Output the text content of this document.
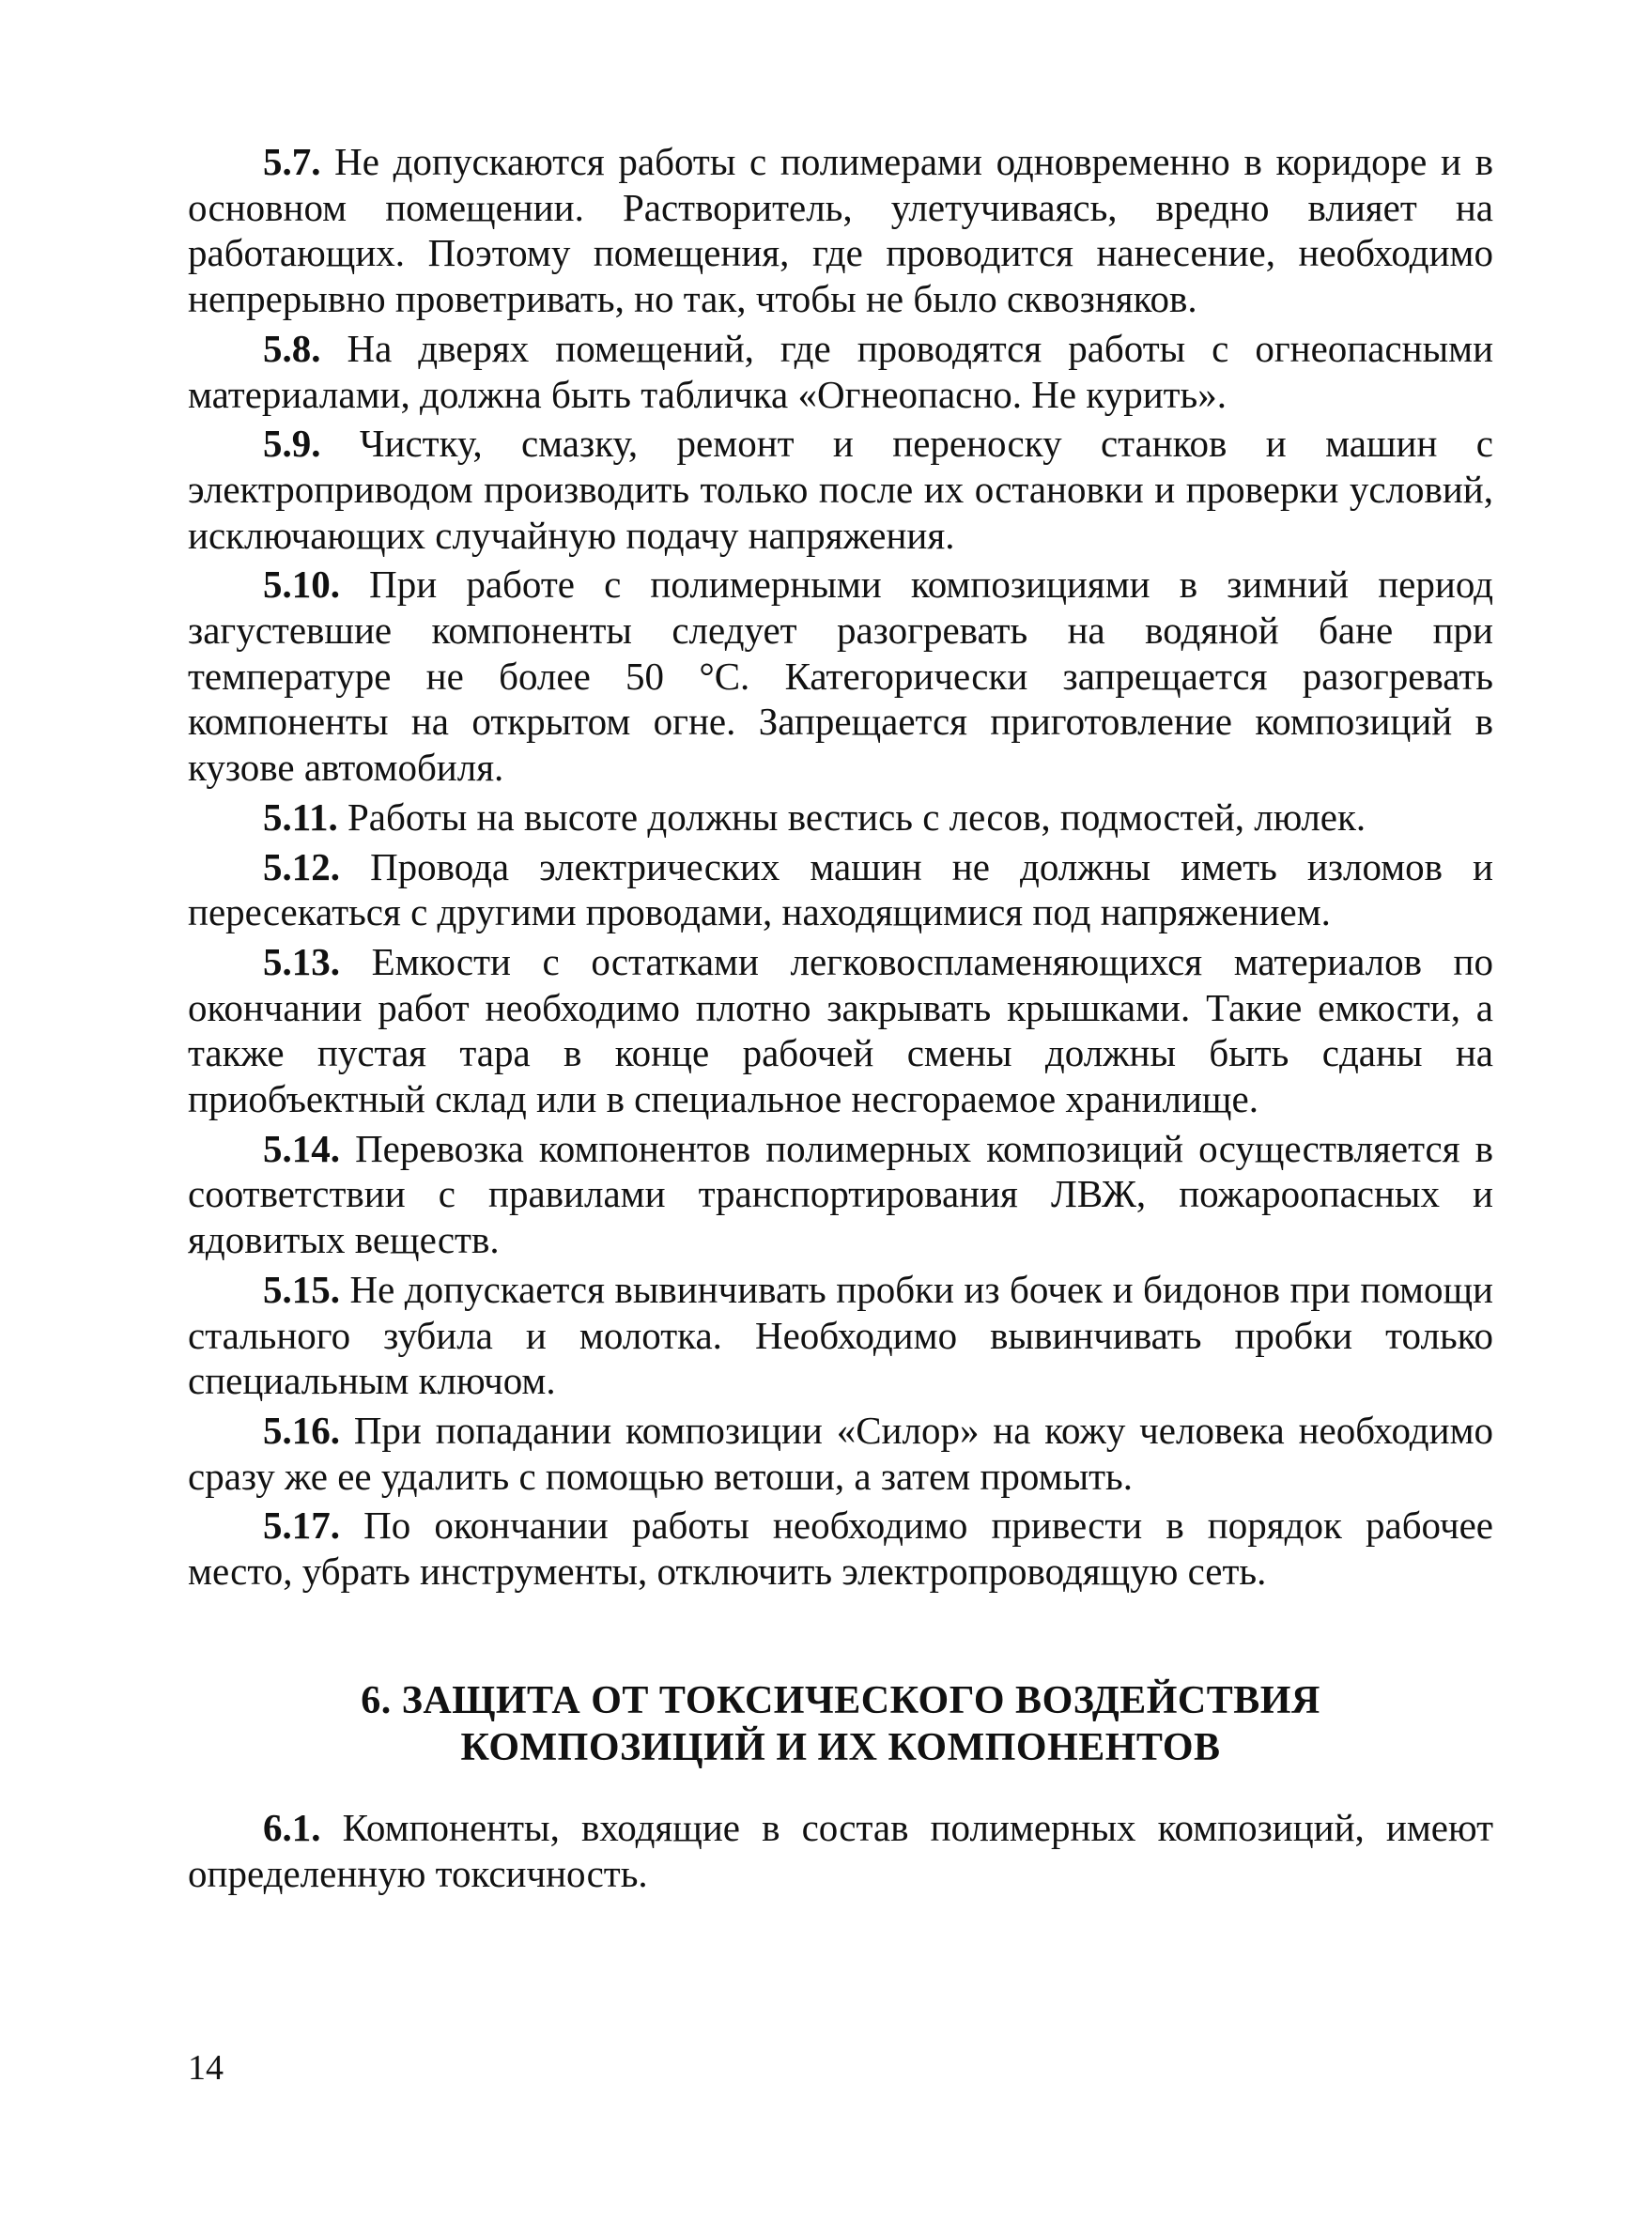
5.7. Не допускаются работы с полимерами одновременно в коридоре и в основном помещении. Растворитель, улетучиваясь, вредно влияет на работающих. Поэтому помещения, где проводится нанесение, необходимо непрерывно проветривать, но так, чтобы не было сквозняков.

5.8. На дверях помещений, где проводятся работы с огнеопасными материалами, должна быть табличка «Огнеопасно. Не курить».

5.9. Чистку, смазку, ремонт и переноску станков и машин с электроприводом производить только после их остановки и проверки условий, исключающих случайную подачу напряжения.

5.10. При работе с полимерными композициями в зимний период загустевшие компоненты следует разогревать на водяной бане при температуре не более 50 °С. Категорически запрещается разогревать компоненты на открытом огне. Запрещается приготовление композиций в кузове автомобиля.

5.11. Работы на высоте должны вестись с лесов, подмостей, люлек.

5.12. Провода электрических машин не должны иметь изломов и пересекаться с другими проводами, находящимися под напряжением.

5.13. Емкости с остатками легковоспламеняющихся материалов по окончании работ необходимо плотно закрывать крышками. Такие емкости, а также пустая тара в конце рабочей смены должны быть сданы на приобъектный склад или в специальное несгораемое хранилище.

5.14. Перевозка компонентов полимерных композиций осуществляется в соответствии с правилами транспортирования ЛВЖ, пожароопасных и ядовитых веществ.

5.15. Не допускается вывинчивать пробки из бочек и бидонов при помощи стального зубила и молотка. Необходимо вывинчивать пробки только специальным ключом.

5.16. При попадании композиции «Силор» на кожу человека необходимо сразу же ее удалить с помощью ветоши, а затем промыть.

5.17. По окончании работы необходимо привести в порядок рабочее место, убрать инструменты, отключить электропроводящую сеть.

6. ЗАЩИТА ОТ ТОКСИЧЕСКОГО ВОЗДЕЙСТВИЯ
КОМПОЗИЦИЙ И ИХ КОМПОНЕНТОВ

6.1. Компоненты, входящие в состав полимерных композиций, имеют определенную токсичность.

14
